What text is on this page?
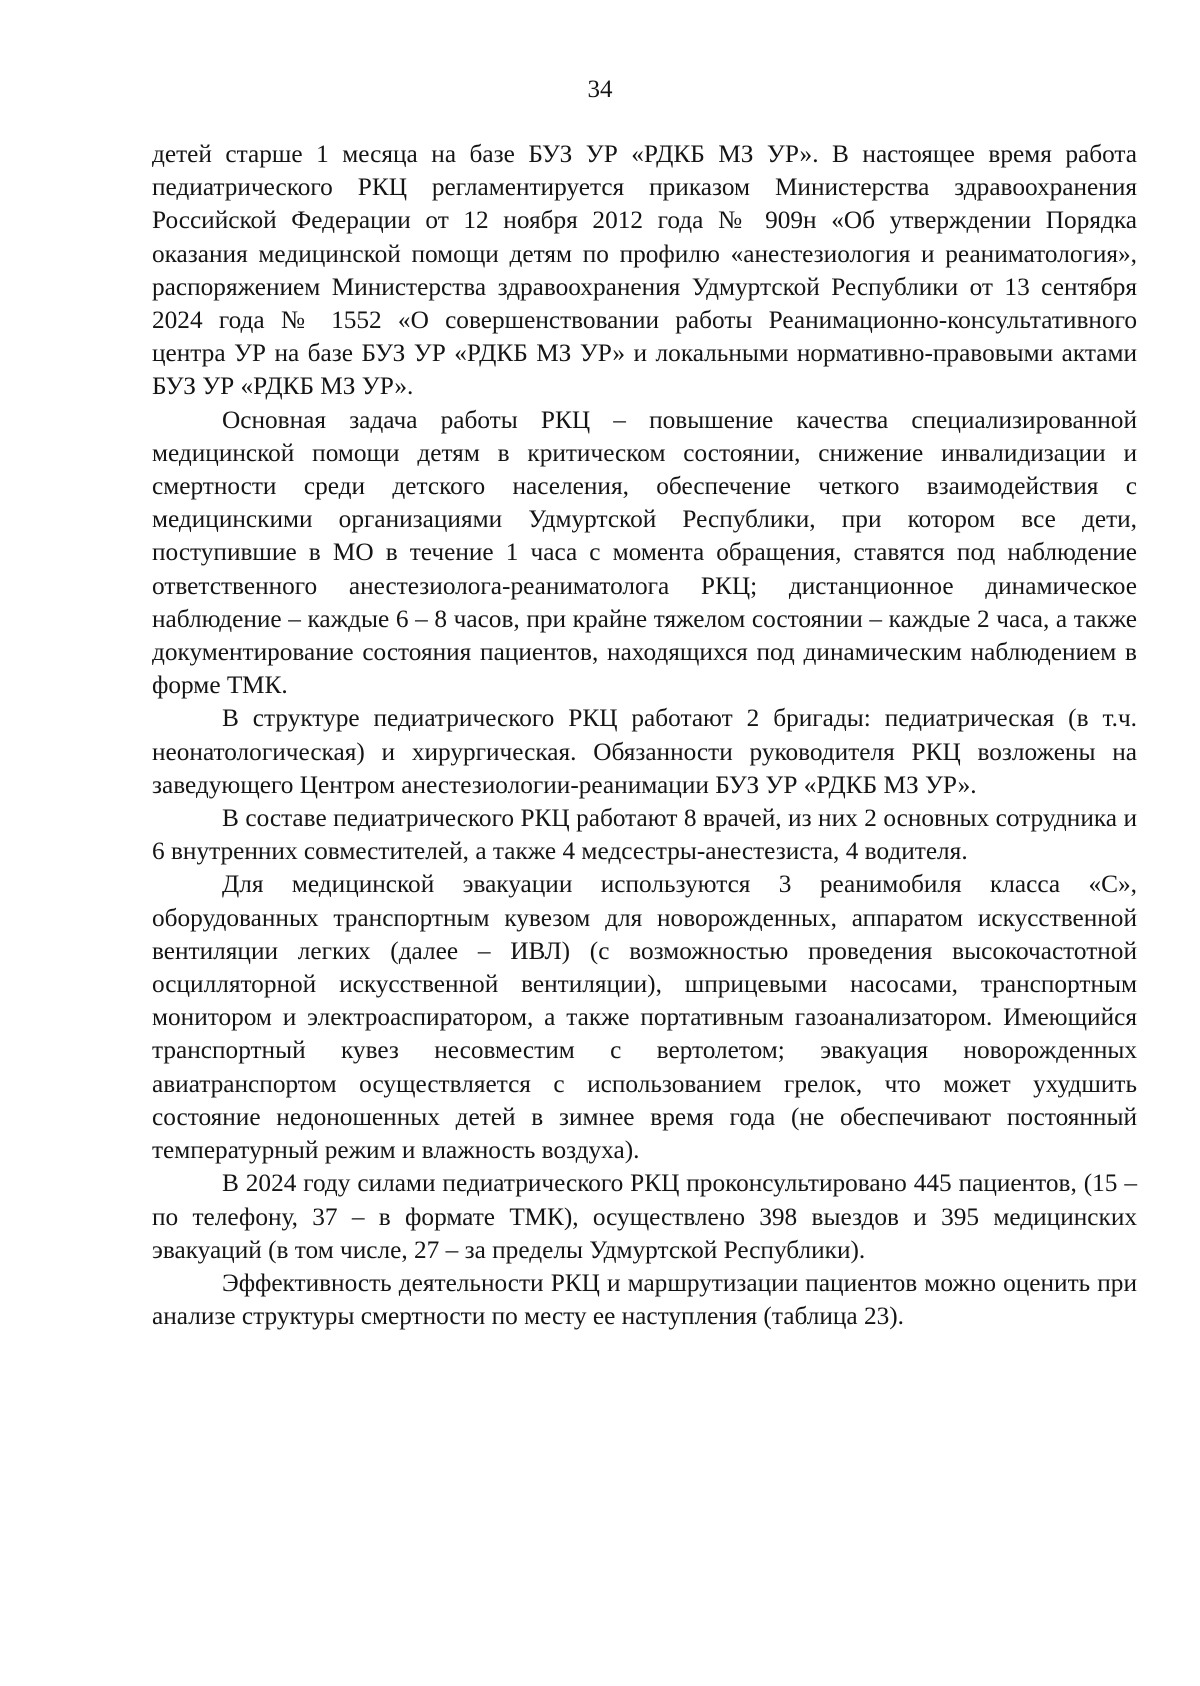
34

детей старше 1 месяца на базе БУЗ УР «РДКБ МЗ УР». В настоящее время работа педиатрического РКЦ регламентируется приказом Министерства здравоохранения Российской Федерации от 12 ноября 2012 года № 909н «Об утверждении Порядка оказания медицинской помощи детям по профилю «анестезиология и реаниматология», распоряжением Министерства здравоохранения Удмуртской Республики от 13 сентября 2024 года № 1552 «О совершенствовании работы Реанимационно-консультативного центра УР на базе БУЗ УР «РДКБ МЗ УР» и локальными нормативно-правовыми актами БУЗ УР «РДКБ МЗ УР».

Основная задача работы РКЦ – повышение качества специализированной медицинской помощи детям в критическом состоянии, снижение инвалидизации и смертности среди детского населения, обеспечение четкого взаимодействия с медицинскими организациями Удмуртской Республики, при котором все дети, поступившие в МО в течение 1 часа с момента обращения, ставятся под наблюдение ответственного анестезиолога-реаниматолога РКЦ; дистанционное динамическое наблюдение – каждые 6 – 8 часов, при крайне тяжелом состоянии – каждые 2 часа, а также документирование состояния пациентов, находящихся под динамическим наблюдением в форме ТМК.

В структуре педиатрического РКЦ работают 2 бригады: педиатрическая (в т.ч. неонатологическая) и хирургическая. Обязанности руководителя РКЦ возложены на заведующего Центром анестезиологии-реанимации БУЗ УР «РДКБ МЗ УР».

В составе педиатрического РКЦ работают 8 врачей, из них 2 основных сотрудника и 6 внутренних совместителей, а также 4 медсестры-анестезиста, 4 водителя.

Для медицинской эвакуации используются 3 реанимобиля класса «С», оборудованных транспортным кувезом для новорожденных, аппаратом искусственной вентиляции легких (далее – ИВЛ) (с возможностью проведения высокочастотной осцилляторной искусственной вентиляции), шприцевыми насосами, транспортным монитором и электроаспиратором, а также портативным газоанализатором. Имеющийся транспортный кувез несовместим с вертолетом; эвакуация новорожденных авиатранспортом осуществляется с использованием грелок, что может ухудшить состояние недоношенных детей в зимнее время года (не обеспечивают постоянный температурный режим и влажность воздуха).

В 2024 году силами педиатрического РКЦ проконсультировано 445 пациентов, (15 – по телефону, 37 – в формате ТМК), осуществлено 398 выездов и 395 медицинских эвакуаций (в том числе, 27 – за пределы Удмуртской Республики).

Эффективность деятельности РКЦ и маршрутизации пациентов можно оценить при анализе структуры смертности по месту ее наступления (таблица 23).
